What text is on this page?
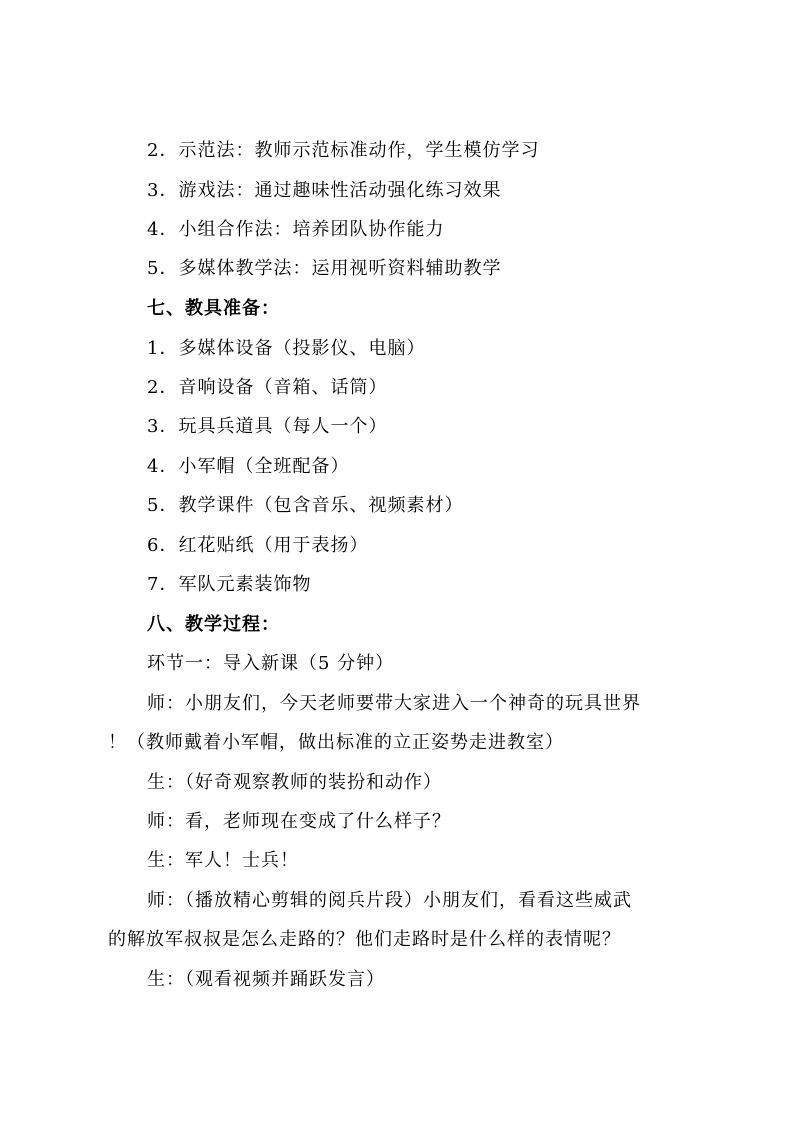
2．示范法：教师示范标准动作，学生模仿学习
3．游戏法：通过趣味性活动强化练习效果
4．小组合作法：培养团队协作能力
5．多媒体教学法：运用视听资料辅助教学
七、教具准备：
1．多媒体设备（投影仪、电脑）
2．音响设备（音箱、话筒）
3．玩具兵道具（每人一个）
4．小军帽（全班配备）
5．教学课件（包含音乐、视频素材）
6．红花贴纸（用于表扬）
7．军队元素装饰物
八、教学过程：
环节一：导入新课（5 分钟）
师：小朋友们，今天老师要带大家进入一个神奇的玩具世界
！（教师戴着小军帽，做出标准的立正姿势走进教室）
生：（好奇观察教师的装扮和动作）
师：看，老师现在变成了什么样子？
生：军人！士兵！
师：（播放精心剪辑的阅兵片段）小朋友们，看看这些威武
的解放军叔叔是怎么走路的？他们走路时是什么样的表情呢？
生：（观看视频并踊跃发言）
